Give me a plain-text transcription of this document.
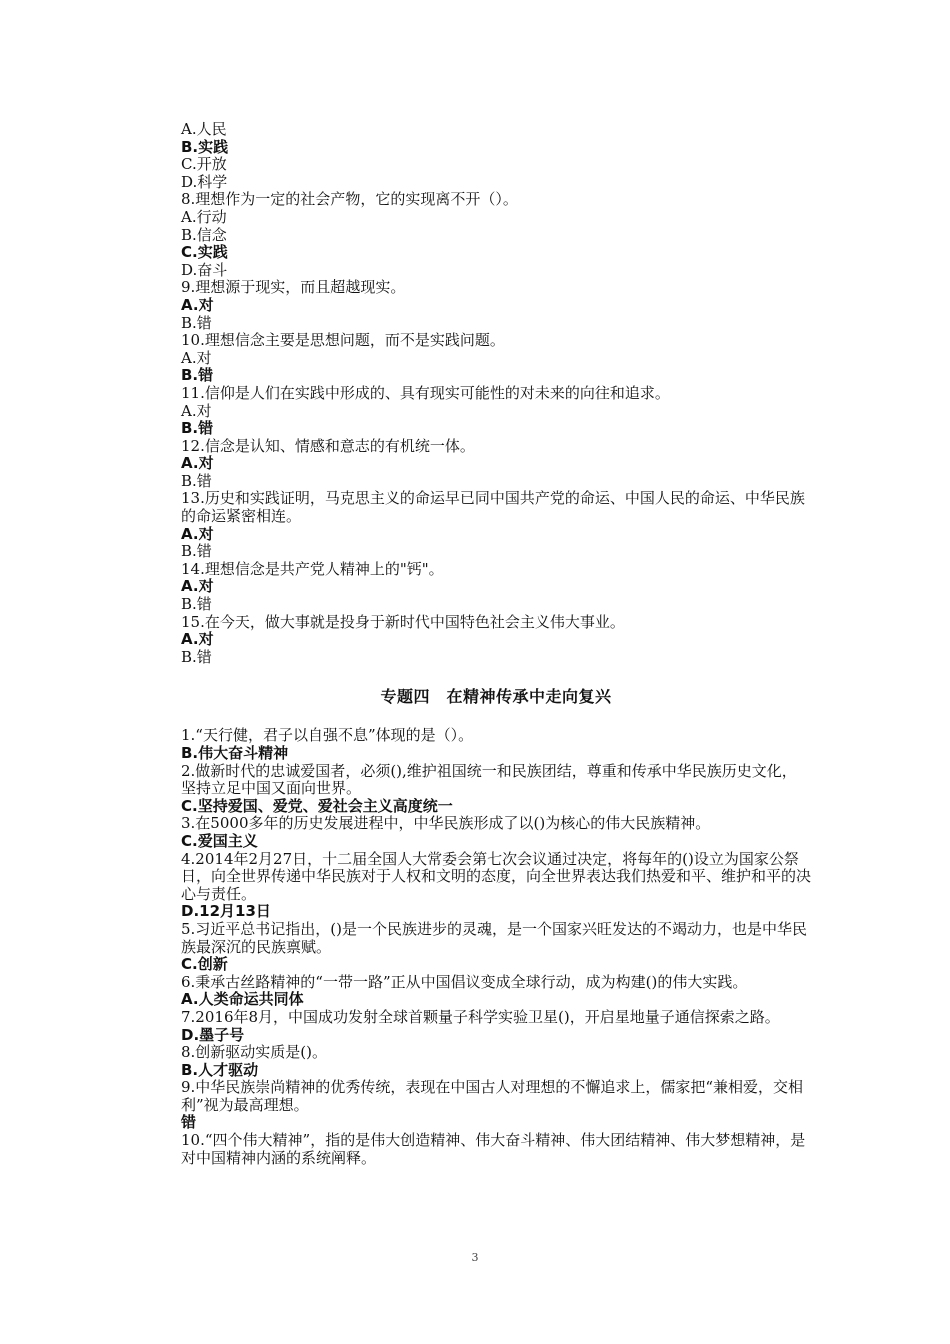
A.人民
B.实践
C.开放
D.科学
8.理想作为一定的社会产物，它的实现离不开（）。
A.行动
B.信念
C.实践
D.奋斗
9.理想源于现实，而且超越现实。
A.对
B.错
10.理想信念主要是思想问题，而不是实践问题。
A.对
B.错
11.信仰是人们在实践中形成的、具有现实可能性的对未来的向往和追求。
A.对
B.错
12.信念是认知、情感和意志的有机统一体。
A.对
B.错
13.历史和实践证明，马克思主义的命运早已同中国共产党的命运、中国人民的命运、中华民族的命运紧密相连。
A.对
B.错
14.理想信念是共产党人精神上的"钙"。
A.对
B.错
15.在今天，做大事就是投身于新时代中国特色社会主义伟大事业。
A.对
B.错
专题四　在精神传承中走向复兴
1.“天行健，君子以自强不息”体现的是（）。
B.伟大奋斗精神
2.做新时代的忠诚爱国者，必须(),维护祖国统一和民族团结，尊重和传承中华民族历史文化，坚持立足中国又面向世界。
C.坚持爱国、爱党、爱社会主义高度统一
3.在5000多年的历史发展进程中，中华民族形成了以()为核心的伟大民族精神。
C.爱国主义
4.2014年2月27日，十二届全国人大常委会第七次会议通过决定，将每年的()设立为国家公祭日，向全世界传递中华民族对于人权和文明的态度，向全世界表达我们热爱和平、维护和平的决心与责任。
D.12月13日
5.习近平总书记指出，()是一个民族进步的灵魂，是一个国家兴旺发达的不竭动力，也是中华民族最深沉的民族禀赋。
C.创新
6.秉承古丝路精神的“一带一路”正从中国倡议变成全球行动，成为构建()的伟大实践。
A.人类命运共同体
7.2016年8月，中国成功发射全球首颗量子科学实验卫星()，开启星地量子通信探索之路。
D.墨子号
8.创新驱动实质是()。
B.人才驱动
9.中华民族崇尚精神的优秀传统，表现在中国古人对理想的不懈追求上，儒家把“兼相爱，交相利”视为最高理想。
错
10.“四个伟大精神”，指的是伟大创造精神、伟大奋斗精神、伟大团结精神、伟大梦想精神，是对中国精神内涵的系统阐释。
3
